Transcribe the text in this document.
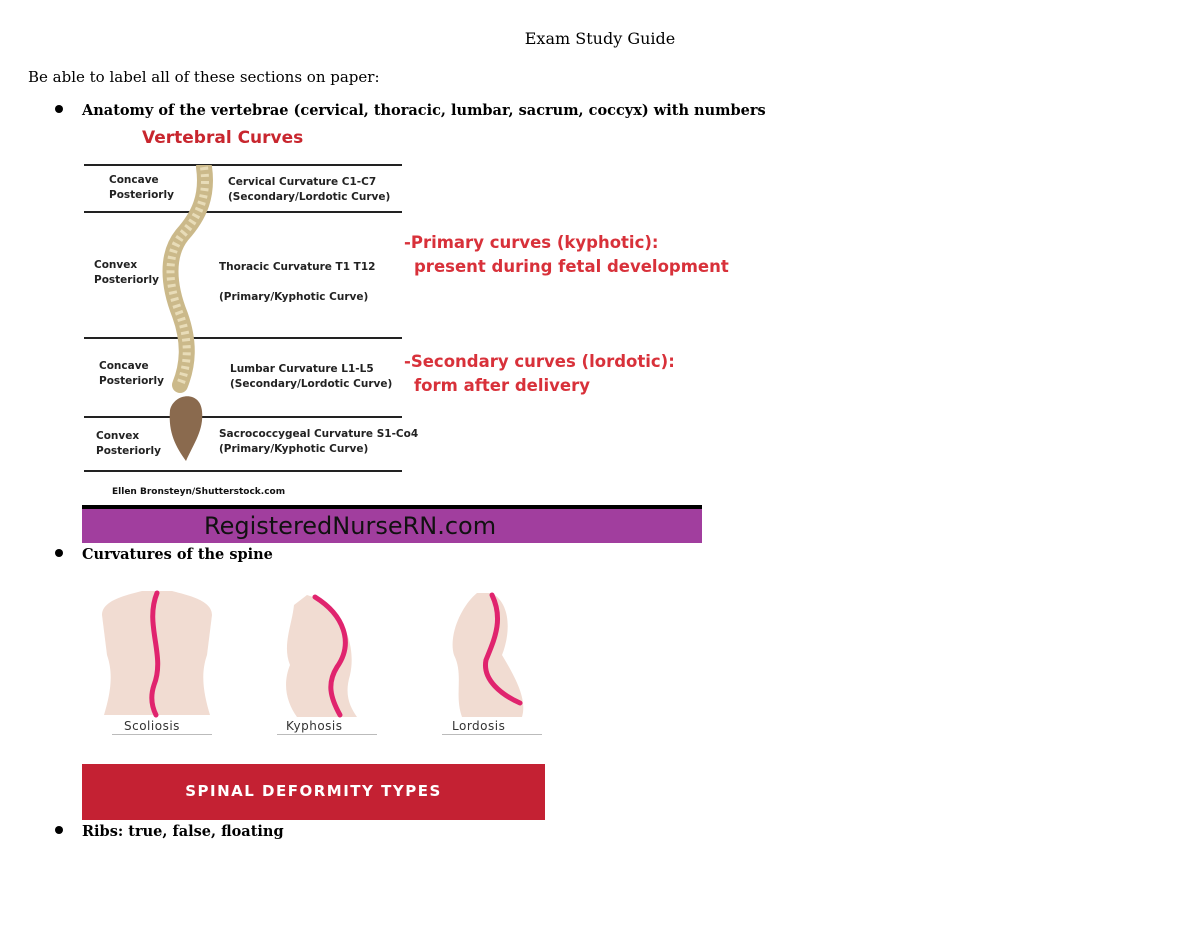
Exam Study Guide
Be able to label all of these sections on paper:
Anatomy of the vertebrae (cervical, thoracic, lumbar, sacrum, coccyx) with numbers
Vertebral Curves
Concave
Posteriorly
Cervical Curvature C1-C7
(Secondary/Lordotic Curve)
Convex
Posteriorly
Thoracic Curvature T1 T12

(Primary/Kyphotic Curve)
Concave
Posteriorly
Lumbar Curvature L1-L5
(Secondary/Lordotic Curve)
Convex
Posteriorly
Sacrococcygeal Curvature S1-Co4
(Primary/Kyphotic Curve)
-Primary curves (kyphotic):
present during fetal development
-Secondary curves (lordotic):
form after delivery
Ellen Bronsteyn/Shutterstock.com
RegisteredNurseRN.com
Curvatures of the spine
Scoliosis	Kyphosis	Lordosis
SPINAL DEFORMITY TYPES
Ribs: true, false, floating
